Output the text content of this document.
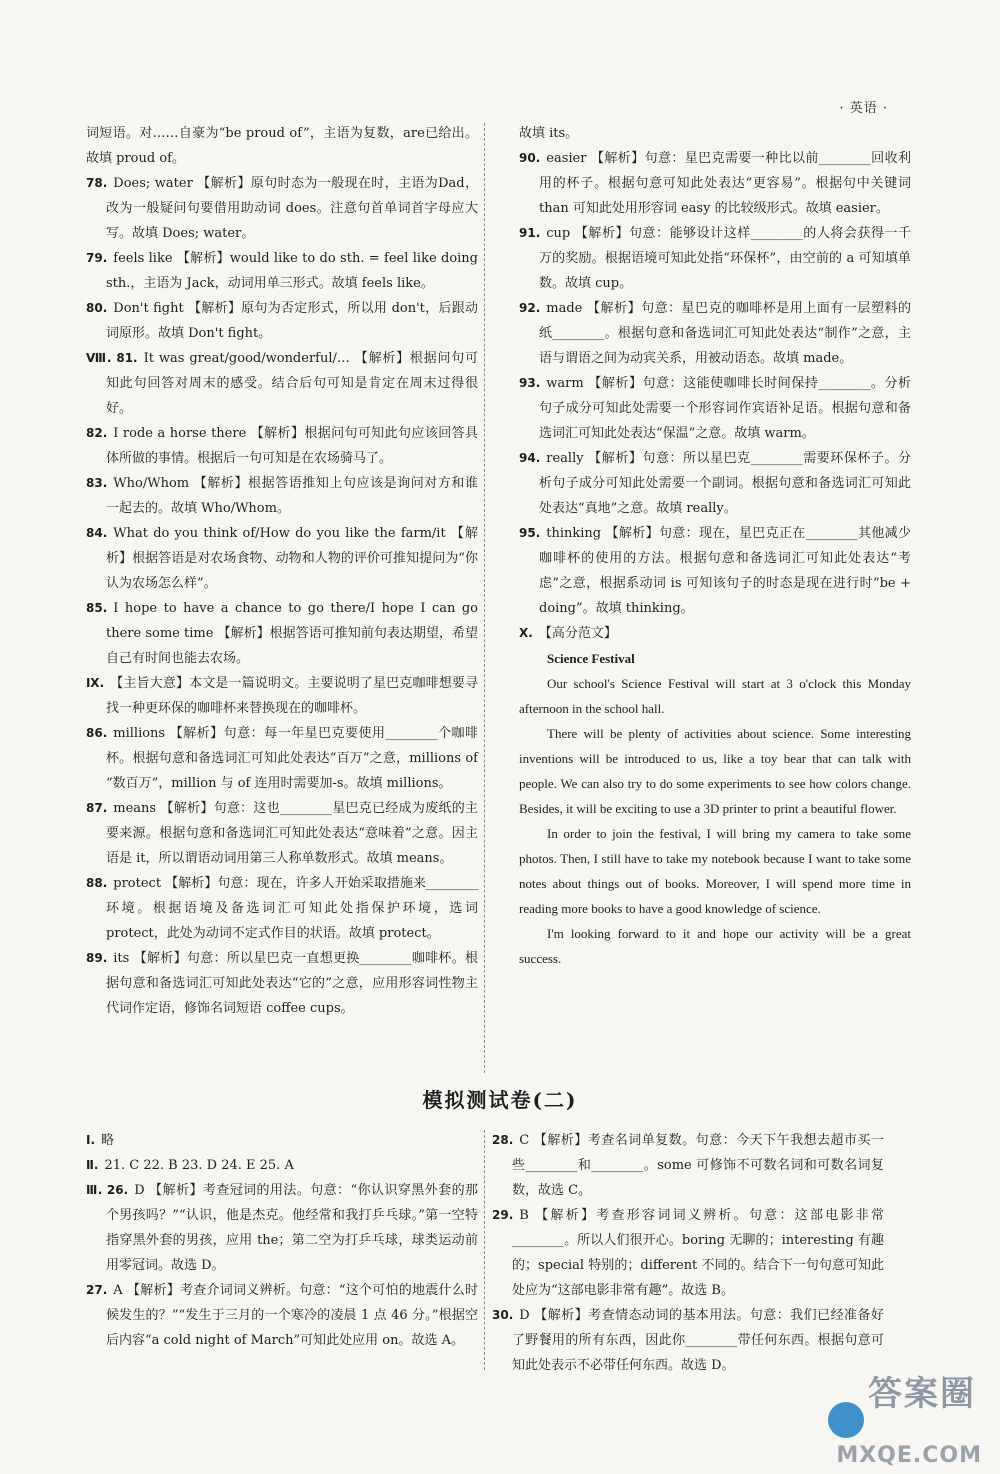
· 英语 ·

词短语。对……自豪为“be proud of”，主语为复数，are已给出。故填 proud of。

78. Does; water 【解析】原句时态为一般现在时，主语为Dad，改为一般疑问句要借用助动词 does。注意句首单词首字母应大写。故填 Does; water。

79. feels like 【解析】would like to do sth. = feel like doing sth.，主语为 Jack，动词用单三形式。故填 feels like。

80. Don't fight 【解析】原句为否定形式，所以用 don't，后跟动词原形。故填 Don't fight。

Ⅷ. 81. It was great/good/wonderful/… 【解析】根据问句可知此句回答对周末的感受。结合后句可知是肯定在周末过得很好。

82. I rode a horse there 【解析】根据问句可知此句应该回答具体所做的事情。根据后一句可知是在农场骑马了。

83. Who/Whom 【解析】根据答语推知上句应该是询问对方和谁一起去的。故填 Who/Whom。

84. What do you think of/How do you like the farm/it 【解析】根据答语是对农场食物、动物和人物的评价可推知提问为“你认为农场怎么样”。

85. I hope to have a chance to go there/I hope I can go there some time 【解析】根据答语可推知前句表达期望，希望自己有时间也能去农场。

Ⅸ. 【主旨大意】本文是一篇说明文。主要说明了星巴克咖啡想要寻找一种更环保的咖啡杯来替换现在的咖啡杯。

86. millions 【解析】句意：每一年星巴克要使用________个咖啡杯。根据句意和备选词汇可知此处表达“百万”之意，millions of “数百万”，million 与 of 连用时需要加-s。故填 millions。

87. means 【解析】句意：这也________星巴克已经成为废纸的主要来源。根据句意和备选词汇可知此处表达“意味着”之意。因主语是 it，所以谓语动词用第三人称单数形式。故填 means。

88. protect 【解析】句意：现在，许多人开始采取措施来________环境。根据语境及备选词汇可知此处指保护环境，选词 protect，此处为动词不定式作目的状语。故填 protect。

89. its 【解析】句意：所以星巴克一直想更换________咖啡杯。根据句意和备选词汇可知此处表达“它的”之意，应用形容词性物主代词作定语，修饰名词短语 coffee cups。

故填 its。

90. easier 【解析】句意：星巴克需要一种比以前________回收利用的杯子。根据句意可知此处表达“更容易”。根据句中关键词 than 可知此处用形容词 easy 的比较级形式。故填 easier。

91. cup 【解析】句意：能够设计这样________的人将会获得一千万的奖励。根据语境可知此处指“环保杯”，由空前的 a 可知填单数。故填 cup。

92. made 【解析】句意：星巴克的咖啡杯是用上面有一层塑料的纸________。根据句意和备选词汇可知此处表达“制作”之意，主语与谓语之间为动宾关系，用被动语态。故填 made。

93. warm 【解析】句意：这能使咖啡长时间保持________。分析句子成分可知此处需要一个形容词作宾语补足语。根据句意和备选词汇可知此处表达“保温”之意。故填 warm。

94. really 【解析】句意：所以星巴克________需要环保杯子。分析句子成分可知此处需要一个副词。根据句意和备选词汇可知此处表达“真地”之意。故填 really。

95. thinking 【解析】句意：现在，星巴克正在________其他减少咖啡杯的使用的方法。根据句意和备选词汇可知此处表达“考虑”之意，根据系动词 is 可知该句子的时态是现在进行时“be + doing”。故填 thinking。

Ⅹ. 【高分范文】

Science Festival

Our school's Science Festival will start at 3 o'clock this Monday afternoon in the school hall.

There will be plenty of activities about science. Some interesting inventions will be introduced to us, like a toy bear that can talk with people. We can also try to do some experiments to see how colors change. Besides, it will be exciting to use a 3D printer to print a beautiful flower.

In order to join the festival, I will bring my camera to take some photos. Then, I still have to take my notebook because I want to take some notes about things out of books. Moreover, I will spend more time in reading more books to have a good knowledge of science.

I'm looking forward to it and hope our activity will be a great success.

模拟测试卷(二)

Ⅰ. 略

Ⅱ. 21. C 22. B 23. D 24. E 25. A

Ⅲ. 26. D 【解析】考查冠词的用法。句意：“你认识穿黑外套的那个男孩吗？”“认识，他是杰克。他经常和我打乒乓球。”第一空特指穿黑外套的男孩，应用 the；第二空为打乒乓球，球类运动前用零冠词。故选 D。

27. A 【解析】考查介词词义辨析。句意：“这个可怕的地震什么时候发生的？”“发生于三月的一个寒冷的凌晨 1 点 46 分。”根据空后内容“a cold night of March”可知此处应用 on。故选 A。

28. C 【解析】考查名词单复数。句意：今天下午我想去超市买一些________和________。some 可修饰不可数名词和可数名词复数，故选 C。

29. B 【解析】考查形容词词义辨析。句意：这部电影非常________。所以人们很开心。boring 无聊的；interesting 有趣的；special 特别的；different 不同的。结合下一句句意可知此处应为“这部电影非常有趣”。故选 B。

30. D 【解析】考查情态动词的基本用法。句意：我们已经准备好了野餐用的所有东西，因此你________带任何东西。根据句意可知此处表示不必带任何东西。故选 D。

答案圈
MXQE.COM
